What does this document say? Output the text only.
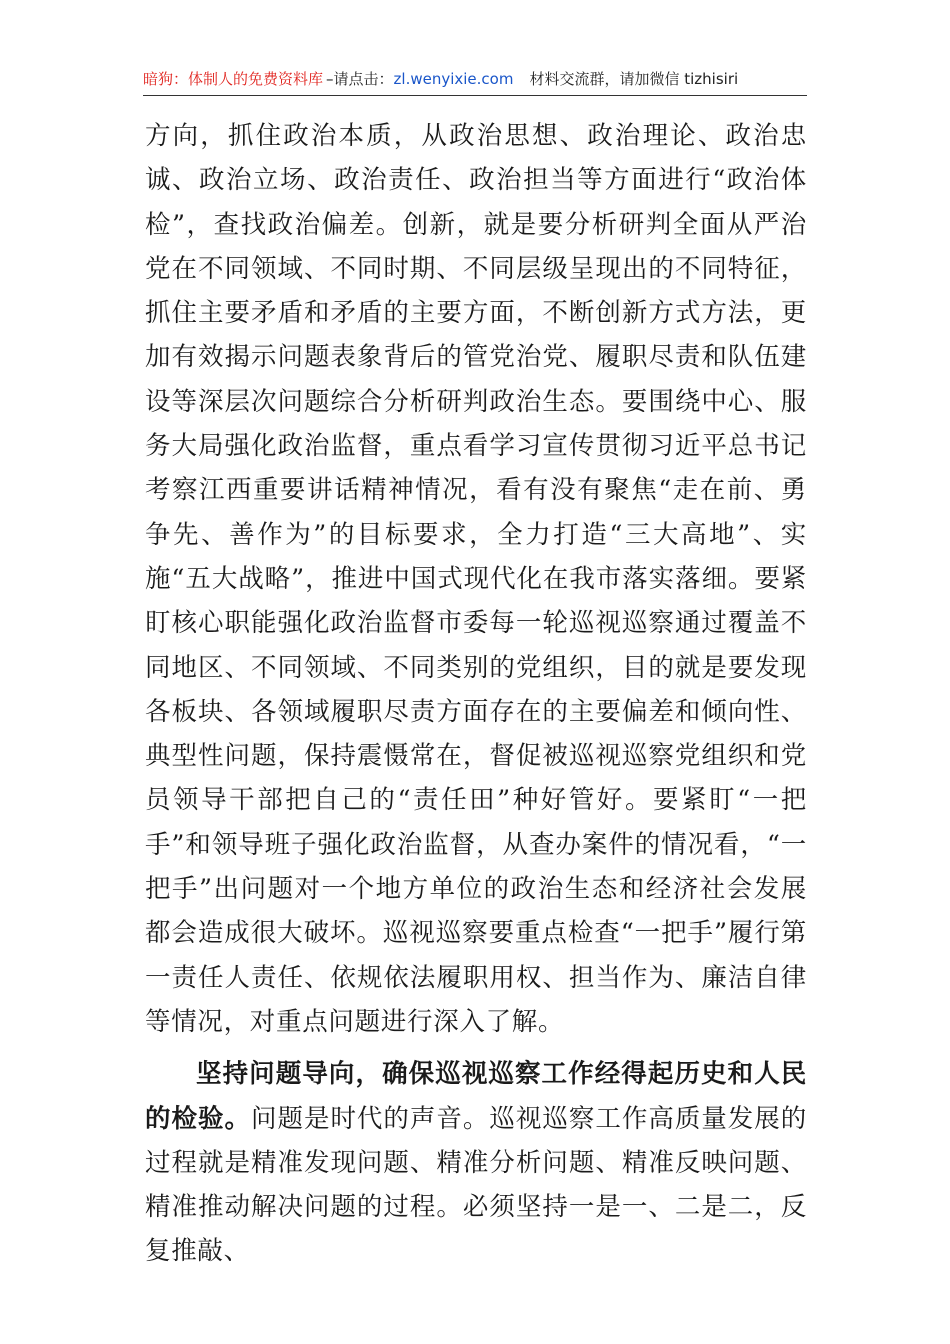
暗狗：体制人的免费资料库 –请点击： zl.wenyixie.com 材料交流群，请加微信 tizhisiri

方向，抓住政治本质，从政治思想、政治理论、政治忠诚、政治立场、政治责任、政治担当等方面进行“政治体检”，查找政治偏差。创新，就是要分析研判全面从严治党在不同领域、不同时期、不同层级呈现出的不同特征，抓住主要矛盾和矛盾的主要方面，不断创新方式方法，更加有效揭示问题表象背后的管党治党、履职尽责和队伍建设等深层次问题综合分析研判政治生态。要围绕中心、服务大局强化政治监督，重点看学习宣传贯彻习近平总书记考察江西重要讲话精神情况，看有没有聚焦“走在前、勇争先、善作为”的目标要求，全力打造“三大高地”、实施“五大战略”，推进中国式现代化在我市落实落细。要紧盯核心职能强化政治监督市委每一轮巡视巡察通过覆盖不同地区、不同领域、不同类别的党组织，目的就是要发现各板块、各领域履职尽责方面存在的主要偏差和倾向性、典型性问题，保持震慑常在，督促被巡视巡察党组织和党员领导干部把自己的“责任田”种好管好。要紧盯“一把手”和领导班子强化政治监督，从查办案件的情况看，“一把手”出问题对一个地方单位的政治生态和经济社会发展都会造成很大破坏。巡视巡察要重点检查“一把手”履行第一责任人责任、依规依法履职用权、担当作为、廉洁自律等情况，对重点问题进行深入了解。

坚持问题导向，确保巡视巡察工作经得起历史和人民的检验。问题是时代的声音。巡视巡察工作高质量发展的过程就是精准发现问题、精准分析问题、精准反映问题、精准推动解决问题的过程。必须坚持一是一、二是二，反复推敲、
